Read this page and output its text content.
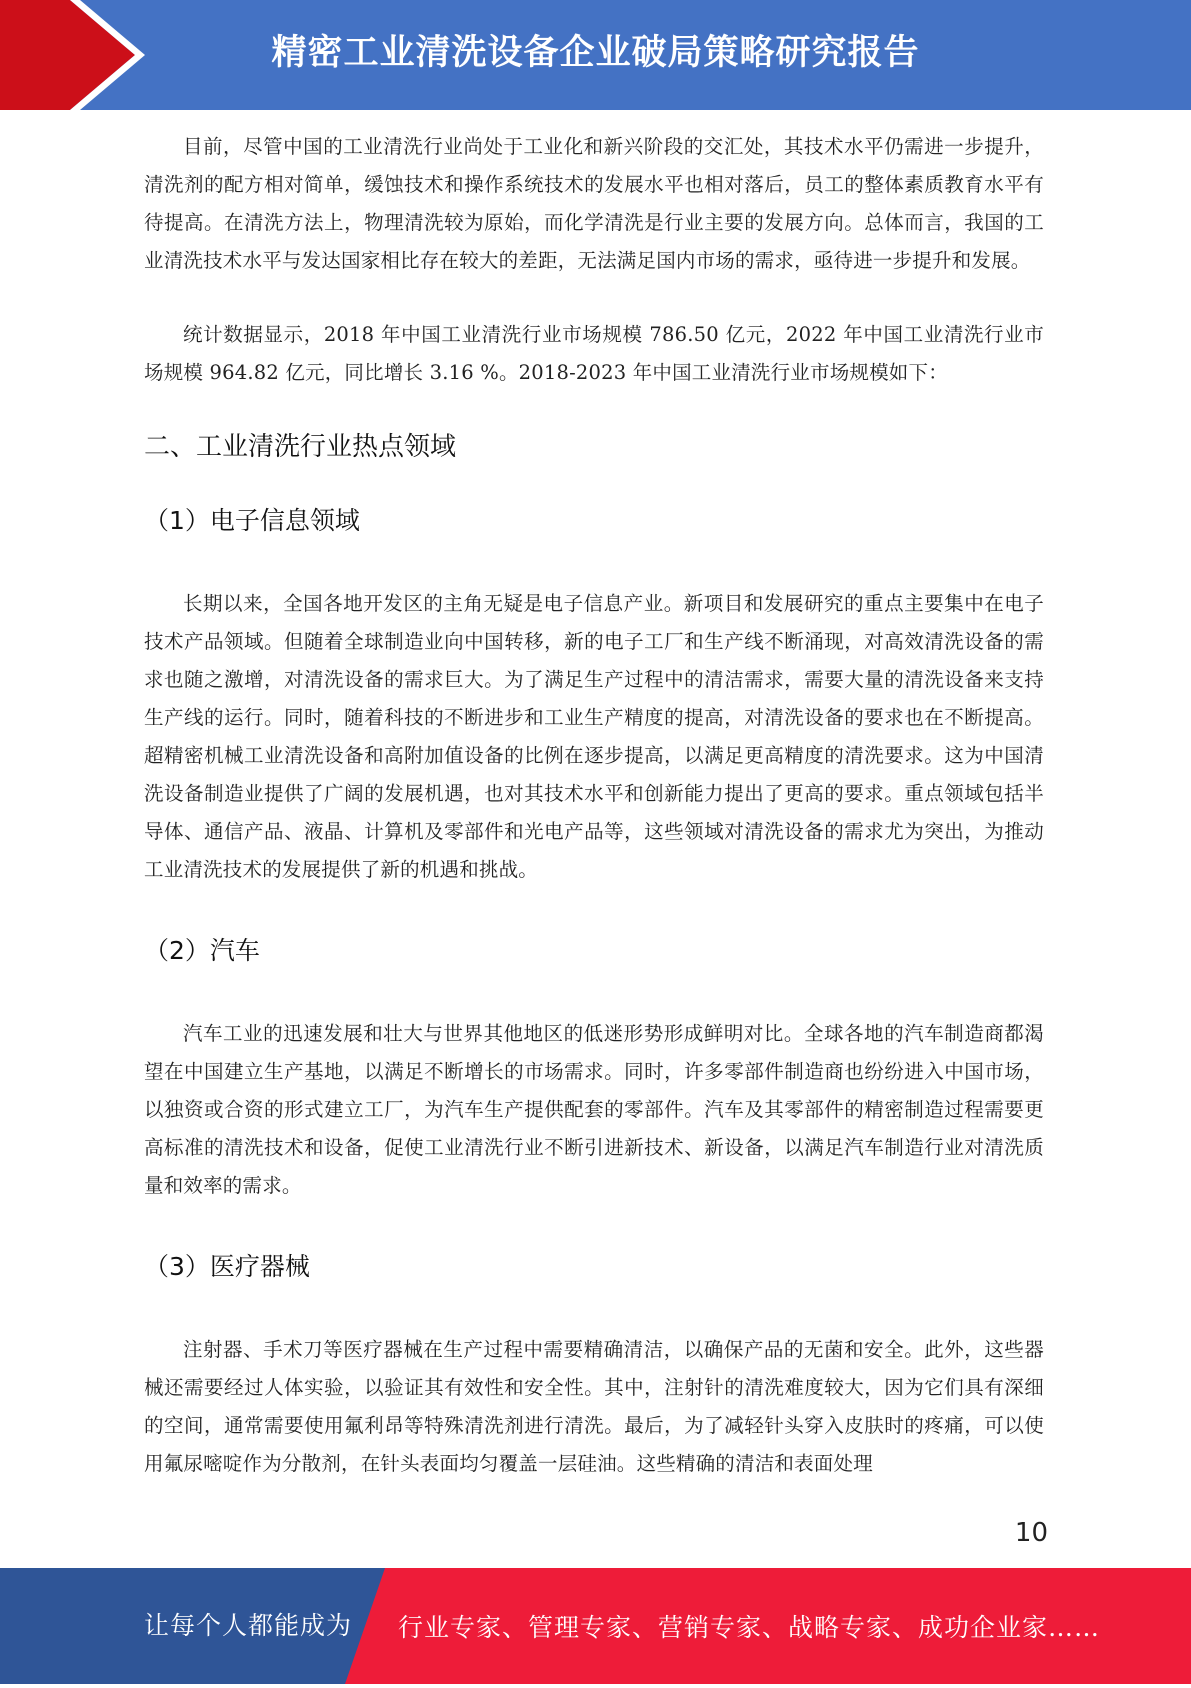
精密工业清洗设备企业破局策略研究报告

目前，尽管中国的工业清洗行业尚处于工业化和新兴阶段的交汇处，其技术水平仍需进一步提升，清洗剂的配方相对简单，缓蚀技术和操作系统技术的发展水平也相对落后，员工的整体素质教育水平有待提高。在清洗方法上，物理清洗较为原始，而化学清洗是行业主要的发展方向。总体而言，我国的工业清洗技术水平与发达国家相比存在较大的差距，无法满足国内市场的需求，亟待进一步提升和发展。

统计数据显示，2018 年中国工业清洗行业市场规模 786.50 亿元，2022 年中国工业清洗行业市场规模 964.82 亿元，同比增长 3.16 %。2018-2023 年中国工业清洗行业市场规模如下：

二、工业清洗行业热点领域
（1）电子信息领域

长期以来，全国各地开发区的主角无疑是电子信息产业。新项目和发展研究的重点主要集中在电子技术产品领域。但随着全球制造业向中国转移，新的电子工厂和生产线不断涌现，对高效清洗设备的需求也随之激增，对清洗设备的需求巨大。为了满足生产过程中的清洁需求，需要大量的清洗设备来支持生产线的运行。同时，随着科技的不断进步和工业生产精度的提高，对清洗设备的要求也在不断提高。超精密机械工业清洗设备和高附加值设备的比例在逐步提高，以满足更高精度的清洗要求。这为中国清洗设备制造业提供了广阔的发展机遇，也对其技术水平和创新能力提出了更高的要求。重点领域包括半导体、通信产品、液晶、计算机及零部件和光电产品等，这些领域对清洗设备的需求尤为突出，为推动工业清洗技术的发展提供了新的机遇和挑战。

（2）汽车

汽车工业的迅速发展和壮大与世界其他地区的低迷形势形成鲜明对比。全球各地的汽车制造商都渴望在中国建立生产基地，以满足不断增长的市场需求。同时，许多零部件制造商也纷纷进入中国市场，以独资或合资的形式建立工厂，为汽车生产提供配套的零部件。汽车及其零部件的精密制造过程需要更高标准的清洗技术和设备，促使工业清洗行业不断引进新技术、新设备，以满足汽车制造行业对清洗质量和效率的需求。

（3）医疗器械

注射器、手术刀等医疗器械在生产过程中需要精确清洁，以确保产品的无菌和安全。此外，这些器械还需要经过人体实验，以验证其有效性和安全性。其中，注射针的清洗难度较大，因为它们具有深细的空间，通常需要使用氟利昂等特殊清洗剂进行清洗。最后，为了减轻针头穿入皮肤时的疼痛，可以使用氟尿嘧啶作为分散剂，在针头表面均匀覆盖一层硅油。这些精确的清洁和表面处理

10
让每个人都能成为 行业专家、管理专家、营销专家、战略专家、成功企业家……
